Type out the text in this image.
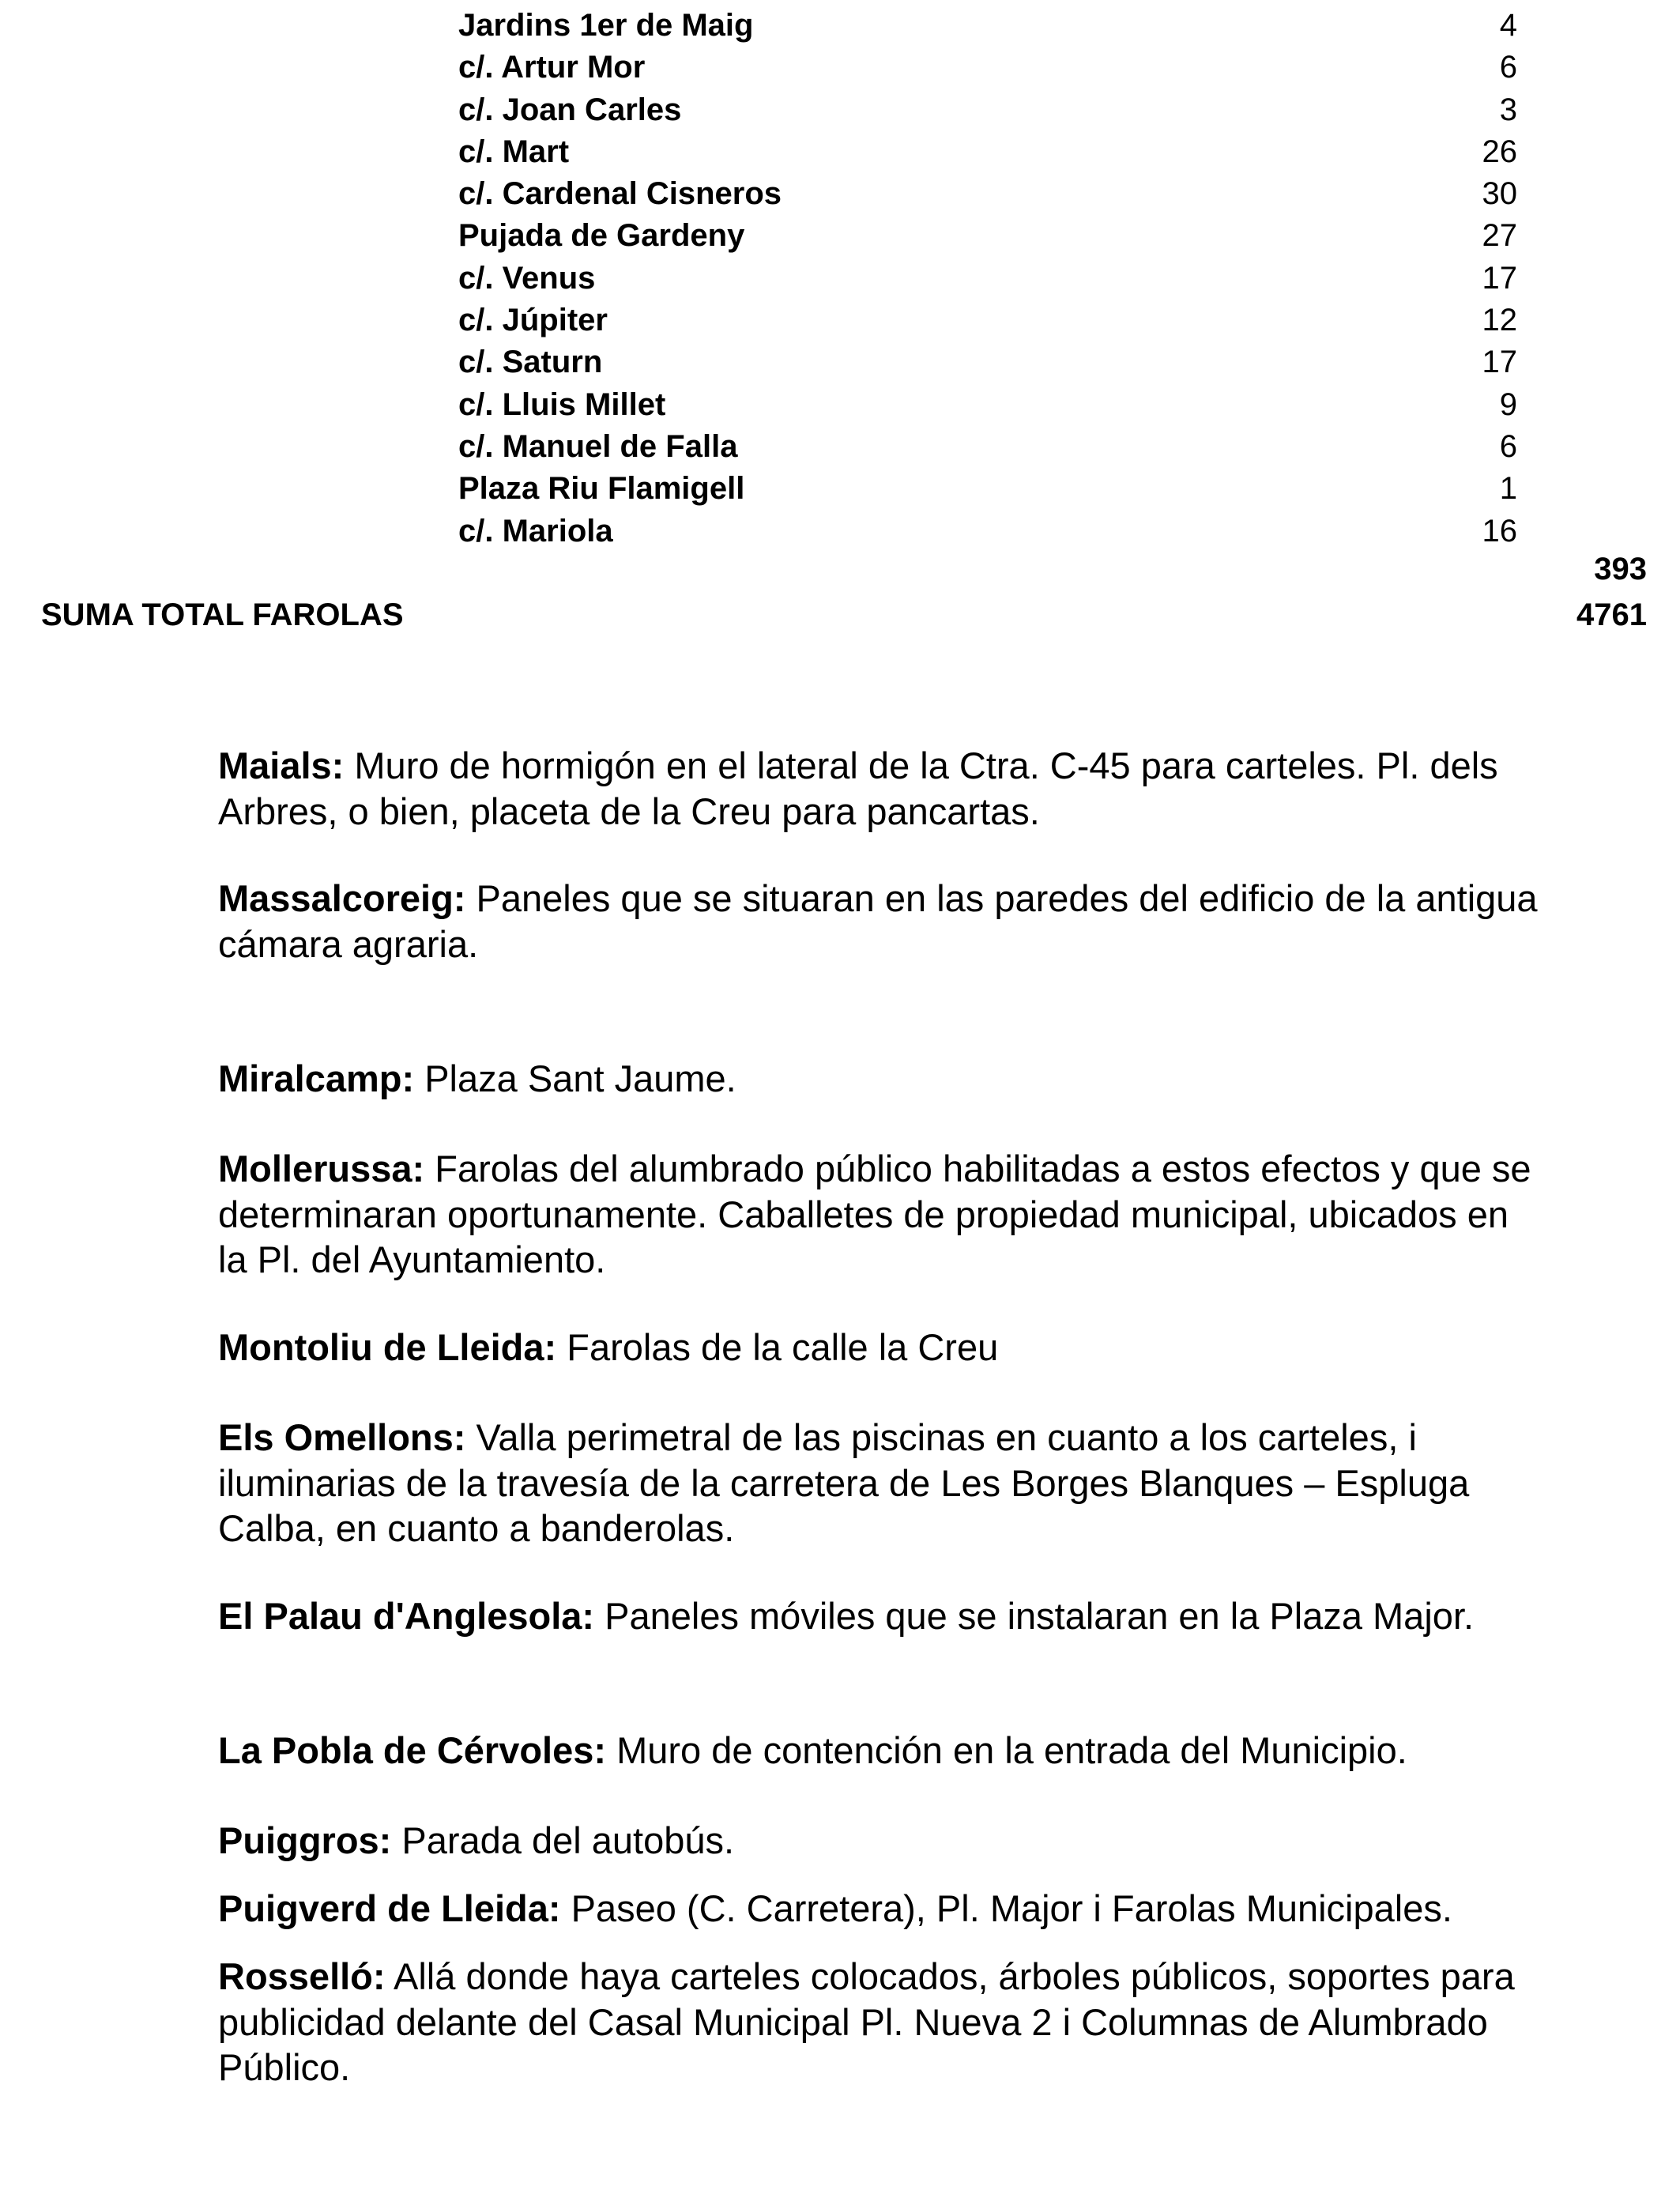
Jardins 1er de Maig	4
c/. Artur Mor	6
c/. Joan Carles	3
c/. Mart	26
c/. Cardenal Cisneros	30
Pujada de Gardeny	27
c/. Venus	17
c/. Júpiter	12
c/. Saturn	17
c/. Lluis Millet	9
c/. Manuel de Falla	6
Plaza Riu Flamigell	1
c/. Mariola	16
393
SUMA TOTAL FAROLAS	4761

Maials: Muro de hormigón en el lateral de la Ctra. C-45 para carteles. Pl. dels Arbres, o bien, placeta de la Creu para pancartas.

Massalcoreig: Paneles que se situaran en las paredes del edificio de la antigua cámara agraria.

Miralcamp: Plaza Sant Jaume.

Mollerussa: Farolas del alumbrado público habilitadas a estos efectos y que se determinaran oportunamente. Caballetes de propiedad municipal, ubicados en la Pl. del Ayuntamiento.

Montoliu de Lleida: Farolas de la calle la Creu

Els Omellons: Valla perimetral de las piscinas en cuanto a los carteles, i iluminarias de la travesía de la carretera de Les Borges Blanques – Espluga Calba, en cuanto a banderolas.

El Palau d'Anglesola: Paneles móviles que se instalaran en la Plaza Major.

La Pobla de Cérvoles: Muro de contención en la entrada del Municipio.

Puiggros: Parada del autobús.

Puigverd de Lleida: Paseo (C. Carretera), Pl. Major i Farolas Municipales.

Rosselló: Allá donde haya carteles colocados, árboles públicos, soportes para publicidad delante del Casal Municipal Pl. Nueva 2 i Columnas de Alumbrado Público.
